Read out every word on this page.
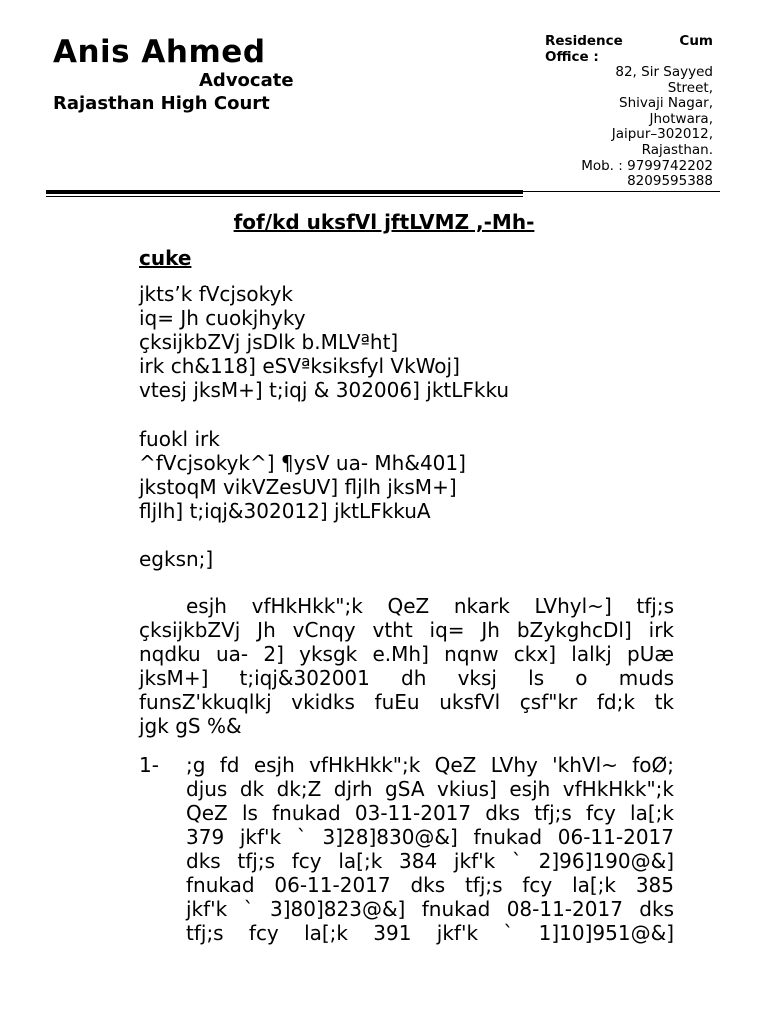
Anis Ahmed
Advocate
Rajasthan High Court
Residence	Cum
Office :
82, Sir Sayyed
Street,
Shivaji Nagar,
Jhotwara,
Jaipur–302012,
Rajasthan.
Mob. : 9799742202
8209595388
fof/kd uksfVl jftLVMZ ,-Mh-
cuke
jkts’k fVcjsokyk
iq= Jh cuokjhyky
çksijkbZVj jsDlk b.MLVªht]
irk ch&118] eSVªksiksfyl VkWoj]
vtesj jksM+] t;iqj & 302006] jktLFkku
fuokl irk
^fVcjsokyk^] ¶ysV ua- Mh&401]
jkstoqM vikVZesUV] fljlh jksM+]
fljlh] t;iqj&302012] jktLFkkuA
egksn;]
esjh vfHkHkk";k QeZ nkark LVhyl~] tfj;s
çksijkbZVj Jh vCnqy vtht iq= Jh bZykghcDl] irk
nqdku ua- 2] yksgk e.Mh] nqnw ckx] lalkj pUæ
jksM+] t;iqj&302001 dh vksj ls o muds
funsZ'kkuqlkj vkidks fuEu uksfVl çsf"kr fd;k tk
jgk gS %&
1- ;g fd esjh vfHkHkk";k QeZ LVhy 'khVl~ foØ;
djus dk dk;Z djrh gSA vkius] esjh vfHkHkk";k
QeZ ls fnukad 03-11-2017 dks tfj;s fcy la[;k
379 jkf'k ` 3]28]830@&] fnukad 06-11-2017
dks tfj;s fcy la[;k 384 jkf'k ` 2]96]190@&]
fnukad 06-11-2017 dks tfj;s fcy la[;k 385
jkf'k ` 3]80]823@&] fnukad 08-11-2017 dks
tfj;s fcy la[;k 391 jkf'k ` 1]10]951@&]
